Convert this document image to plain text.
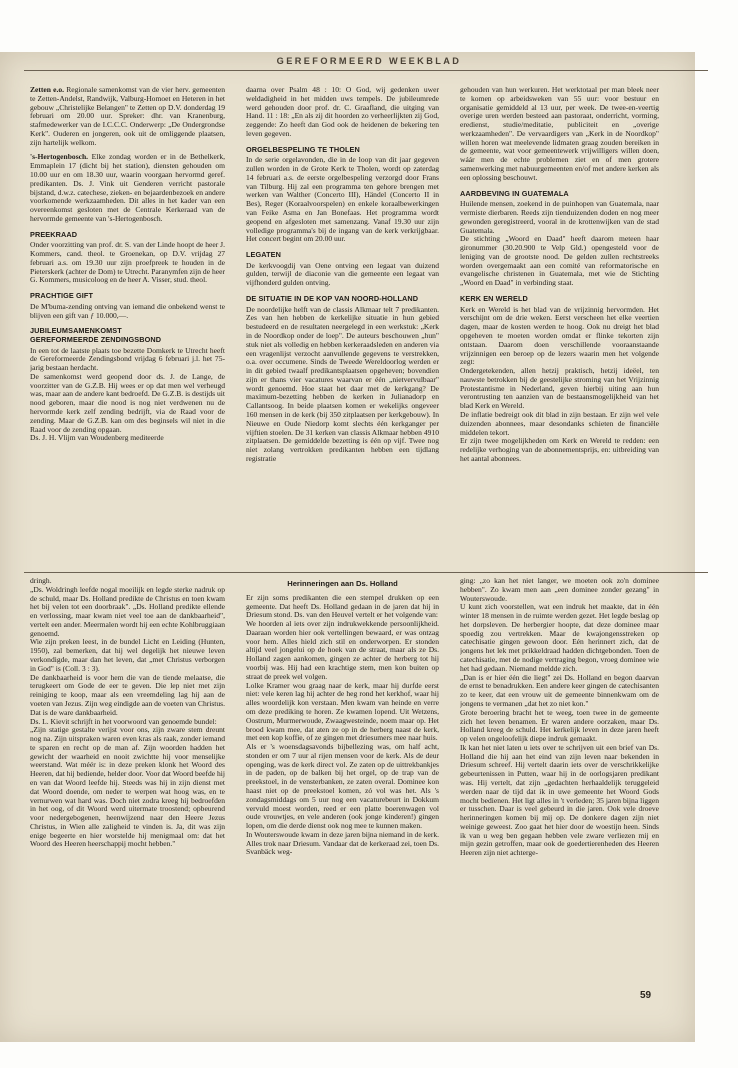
GEREFORMEERD WEEKBLAD

Zetten e.o. Regionale samenkomst van de vier herv. gemeenten te Zetten-Andelst, Randwijk, Valburg-Homoet en Heteren in het gebouw „Christelijke Belangen" te Zetten op D.V. donderdag 19 februari om 20.00 uur. Spreker: dhr. van Kranenburg, stafmedewerker van de I.C.C.C. Onderwerp: „De Ondergrondse Kerk". Ouderen en jongeren, ook uit de omliggende plaatsen, zijn hartelijk welkom.

's-Hertogenbosch. Elke zondag worden er in de Bethelkerk, Emmaplein 17 (dicht bij het station), diensten gehouden om 10.00 uur en om 18.30 uur, waarin voorgaan hervormd geref. predikanten. Ds. J. Vink uit Genderen verricht pastorale bijstand, d.w.z. catechese, zieken- en bejaardenbezoek en andere voorkomende werkzaamheden. Dit alles in het kader van een overeenkomst gesloten met de Centrale Kerkeraad van de hervormde gemeente van 's-Hertogenbosch.

PREEKRAAD

Onder voorzitting van prof. dr. S. van der Linde hoopt de heer J. Kommers, cand. theol. te Groenekan, op D.V. vrijdag 27 februari a.s. om 19.30 uur zijn proefpreek te houden in de Pieterskerk (achter de Dom) te Utrecht. Paranymfen zijn de heer G. Kommers, musicoloog en de heer A. Visser, stud. theol.

PRACHTIGE GIFT

De M'buma-zending ontving van iemand die onbekend wenst te blijven een gift van ƒ 10.000,—.

JUBILEUMSAMENKOMST
GEREFORMEERDE ZENDINGSBOND

In een tot de laatste plaats toe bezette Domkerk te Utrecht heeft de Gereformeerde Zendingsbond vrijdag 6 februari j.l. het 75-jarig bestaan herdacht.

De samenkomst werd geopend door ds. J. de Lange, de voorzitter van de G.Z.B. Hij wees er op dat men wel verheugd was, maar aan de andere kant bedroefd. De G.Z.B. is destijds uit nood geboren, maar die nood is nog niet verdwenen nu de hervormde kerk zelf zending bedrijft, via de Raad voor de zending. Maar de G.Z.B. kan om des beginsels wil niet in die Raad voor de zending opgaan.

Ds. J. H. Vlijm van Woudenberg mediteerde

daarna over Psalm 48 : 10: O God, wij gedenken uwer weldadigheid in het midden uws tempels. De jubileumrede werd gehouden door prof. dr. C. Graafland, die uitging van Hand. 11 : 18: „En als zij dit hoorden zo verheerlijkten zij God, zeggende: Zo heeft dan God ook de heidenen de bekering ten leven gegeven.

ORGELBESPELING TE THOLEN

In de serie orgelavonden, die in de loop van dit jaar gegeven zullen worden in de Grote Kerk te Tholen, wordt op zaterdag 14 februari a.s. de eerste orgelbespeling verzorgd door Frans van Tilburg. Hij zal een programma ten gehore brengen met werken van Walther (Concerto III), Händel (Concerto II in Bes), Reger (Koraalvoorspelen) en enkele koraalbewerkingen van Feike Asma en Jan Bonefaas. Het programma wordt geopend en afgesloten met samenzang. Vanaf 19.30 uur zijn volledige programma's bij de ingang van de kerk verkrijgbaar. Het concert begint om 20.00 uur.

LEGATEN

De kerkvoogdij van Oene ontving een legaat van duizend gulden, terwijl de diaconie van die gemeente een legaat van vijfhonderd gulden ontving.

DE SITUATIE IN DE KOP VAN NOORD-HOLLAND

De noordelijke helft van de classis Alkmaar telt 7 predikanten. Zes van hen hebben de kerkelijke situatie in hun gebied bestudeerd en de resultaten neergelegd in een werkstuk: „Kerk in de Noordkop onder de loep". De auteurs beschouwen „hun" stuk niet als volledig en hebben kerkeraadsleden en anderen via een vragenlijst verzocht aanvullende gegevens te verstrekken, o.a. over occumene. Sinds de Tweede Wereldoorlog werden er in dit gebied twaalf predikantsplaatsen opgeheven; bovendien zijn er thans vier vacatures waarvan er één „nietvervulbaar" wordt genoemd. Hoe staat het daar met de kerkgang? De maximum-bezetting hebben de kerken in Julianadorp en Callantsoog. In beide plaatsen komen er wekelijks ongeveer 160 mensen in de kerk (bij 350 zitplaatsen per kerkgebouw). In Nieuwe en Oude Niedorp komt slechts één kerkganger per vijftien stoelen. De 31 kerken van classis Alkmaar hebben 4910 zitplaatsen. De gemiddelde bezetting is één op vijf. Twee nog niet zolang vertrokken predikanten hebben een tijdlang registratie

gehouden van hun werkuren. Het werktotaal per man bleek neer te komen op arbeidsweken van 55 uur: voor bestuur en organisatie gemiddeld al 13 uur, per week. De twee-en-veertig overige uren werden besteed aan pastoraat, onderricht, vorming, eredienst, studie/meditatie, publiciteit en „overige werkzaamheden". De vervaardigers van „Kerk in de Noordkop" willen horen wat meelevende lidmaten graag zouden bereiken in de gemeente, wat voor gemeentewerk vrijwilligers willen doen, wáár men de echte problemen ziet en of men grotere samenwerking met nabuurgemeenten en/of met andere kerken als een oplossing beschouwt.

AARDBEVING IN GUATEMALA

Huilende mensen, zoekend in de puinhopen van Guatemala, naar vermiste dierbaren. Reeds zijn tienduizenden doden en nog meer gewonden geregistreerd, vooral in de krottenwijken van de stad Guatemala.

De stichting „Woord en Daad" heeft daarom meteen haar gironummer (30.20.900 te Velp Gld.) opengesteld voor de leniging van de grootste nood. De gelden zullen rechtstreeks worden overgemaakt aan een comité van reformatorische en evangelische christenen in Guatemala, met wie de Stichting „Woord en Daad" in verbinding staat.

KERK EN WERELD

Kerk en Wereld is het blad van de vrijzinnig hervormden. Het verschijnt om de drie weken. Eerst verscheen het elke veertien dagen, maar de kosten werden te hoog. Ook nu dreigt het blad opgeheven te moeten worden omdat er flinke tekorten zijn ontstaan. Daarom doen verschillende vooraanstaande vrijzinnigen een beroep op de lezers waarin men het volgende zegt:

Ondergetekenden, allen hetzij praktisch, hetzij ideëel, ten nauwste betrokken bij de geestelijke stroming van het Vrijzinnig Protestantisme in Nederland, geven hierbij uiting aan hun verontrusting ten aanzien van de bestaansmogelijkheid van het blad Kerk en Wereld.

De inflatie bedreigt ook dit blad in zijn bestaan. Er zijn wel vele duizenden abonnees, maar desondanks schieten de financiële middelen tekort.

Er zijn twee mogelijkheden om Kerk en Wereld te redden: een redelijke verhoging van de abonnementsprijs, en: uitbreiding van het aantal abonnees.

dringh.

„Ds. Woldringh leefde nogal moeilijk en legde sterke nadruk op de schuld, maar Ds. Holland predikte de Christus en toen kwam het bij velen tot een doorbraak". „Ds. Holland predikte ellende en verlossing, maar kwam niet veel toe aan de dankbaarheid", vertelt een ander. Meermalen wordt hij een echte Kohlbruggiaan genoemd.

Wie zijn preken leest, in de bundel Licht en Leiding (Hunten, 1950), zal bemerken, dat hij wel degelijk het nieuwe leven verkondigde, maar dan het leven, dat „met Christus verborgen in God" is (Coll. 3 : 3).

De dankbaarheid is voor hem die van de tiende melaatse, die terugkeert om Gode de eer te geven. Die lep niet met zijn reiniging te koop, maar als een vreemdeling lag hij aan de voeten van Jezus. Zijn weg eindigde aan de voeten van Christus. Dat is de ware dankbaarheid.

Ds. L. Kievit schrijft in het voorwoord van genoemde bundel:

„Zijn statige gestalte verijst voor ons, zijn zware stem dreunt nog na. Zijn uitspraken waren even kras als raak, zonder iemand te sparen en recht op de man af. Zijn woorden hadden het gewicht der waarheid en nooit zwichtte hij voor menselijke weerstand. Wat méér is: in deze preken klonk het Woord des Heeren, dat hij bediende, helder door. Voor dat Woord beefde hij en van dat Woord leefde hij. Steeds was hij in zijn dienst met dat Woord doende, om neder te werpen wat hoog was, en te vernurwen wat hard was. Doch niet zodra kreeg hij bedroefden in het oog, of dit Woord werd uitermate troostend; opbeurend voor nedergebogenen, heenwijzend naar den Heere Jezus Christus, in Wien alle zaligheid te vinden is. Ja, dit was zijn enige begeerte en hier worstelde hij menigmaal om: dat het Woord des Heeren heerschappij mocht hebben."

Herinneringen aan Ds. Holland

Er zijn soms predikanten die een stempel drukken op een gemeente. Dat heeft Ds. Holland gedaan in de jaren dat hij in Driesum stond. Ds. van den Heuvel vertelt er het volgende van:

We hoorden al iets over zijn indrukwekkende persoonlijkheid. Daaraan worden hier ook vertellingen bewaard, er was ontzag voor hem. Alles hield zich stil en onderworpen. Er stonden altijd veel jongelui op de hoek van de straat, maar als ze Ds. Holland zagen aankomen, gingen ze achter de herberg tot hij voorbij was. Hij had een krachtige stem, men kon buiten op straat de preek wel volgen.

Lolke Kramer wou graag naar de kerk, maar hij durfde eerst niet: vele keren lag hij achter de heg rond het kerkhof, waar hij alles woordelijk kon verstaan. Men kwam van heinde en verre om deze prediking te horen. Ze kwamen lopend. Uit Wetzens, Oostrum, Murmerwoude, Zwaagwesteinde, noem maar op. Het brood kwam mee, dat aten ze op in de herberg naast de kerk, met een kop koffie, of ze gingen met driesumers mee naar huis.

Als er 's woensdagsavonds bijbellezing was, om half acht, stonden er om 7 uur al rijen mensen voor de kerk. Als de deur openging, was de kerk direct vol. Ze zaten op de uittrekbankjes in de paden, op de balken bij het orgel, op de trap van de preekstoel, in de vensterbanken, ze zaten overal. Dominee kon haast niet op de preekstoel komen, zó vol was het. Als 's zondagsmiddags om 5 uur nog een vacaturebeurt in Dokkum vervuld moest worden, reed er een platte boerenwagen vol oude vrouwtjes, en vele anderen (ook jonge kinderen!) gingen lopen, om die derde dienst ook nog mee te kunnen maken.

In Wouterswoude kwam in deze jaren bijna niemand in de kerk. Alles trok naar Driesum. Vandaar dat de kerkeraad zei, toen Ds. Svanbäck weg-

ging: „zo kan het niet langer, we moeten ook zo'n dominee hebben". Zo kwam men aan „een dominee zonder gezang" in Wouterswoude.

U kunt zich voorstellen, wat een indruk het maakte, dat in één winter 18 mensen in de ruimte werden gezet. Het legde beslag op het dorpsleven. De herbergier hoopte, dat deze dominee maar spoedig zou vertrekken. Maar de kwajongensstreken op catechisatie gingen gewoon door. Eén herinnert zich, dat de jongens het lek met prikkeldraad hadden dichtgebonden. Toen de catechisatie, met de nodige vertraging begon, vroeg dominee wie het had gedaan. Niemand meldde zich.

„Dan is er hier één die liegt" zei Ds. Holland en begon daarvan de ernst te benadrukken. Een andere keer gingen de catechisanten zo te keer, dat een vrouw uit de gemeente binnenkwam om de jongens te vermanen „dat het zo niet kon."

Grote beroering bracht het te weeg, toen twee in de gemeente zich het leven benamen. Er waren andere oorzaken, maar Ds. Holland kreeg de schuld. Het kerkelijk leven in deze jaren heeft op velen ongeloofelijk diepe indruk gemaakt.

Ik kan het niet laten u iets over te schrijven uit een brief van Ds. Holland die hij aan het eind van zijn leven naar bekenden in Driesum schreef. Hij vertelt daarin iets over de verschrikkelijke gebeurtenissen in Putten, waar hij in de oorlogsjaren predikant was. Hij vertelt, dat zijn „gedachten herhaaldelijk teruggeleid werden naar de tijd dat ik in uwe gemeente het Woord Gods mocht bedienen. Het ligt alles in 't verleden; 35 jaren bijna liggen er tusschen. Daar is veel gebeurd in die jaren. Ook vele droeve herinneringen komen bij mij op. De donkere dagen zijn niet weinige geweest. Zoo gaat het hier door de woestijn heen. Sinds ik van u weg ben gegaan hebben vele zware verliezen mij en mijn gezin getroffen, maar ook de goedertierenheden des Heeren Heeren zijn niet achterge-

59
